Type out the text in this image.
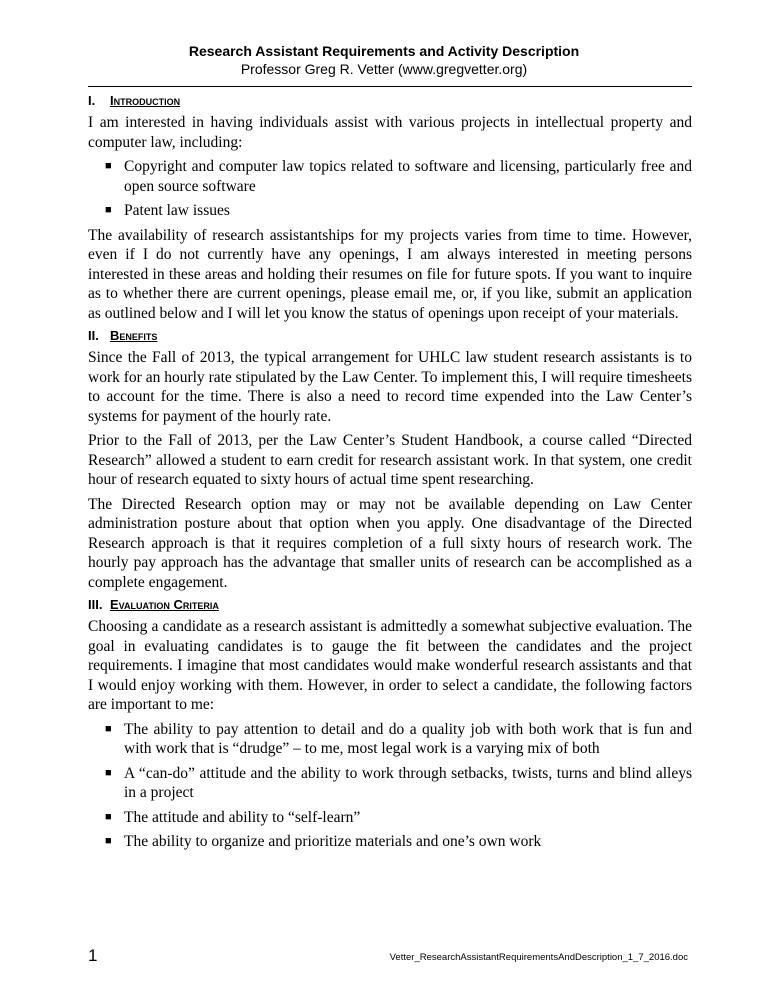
Research Assistant Requirements and Activity Description
Professor Greg R. Vetter (www.gregvetter.org)
I. Introduction

I am interested in having individuals assist with various projects in intellectual property and computer law, including:

■ Copyright and computer law topics related to software and licensing, particularly free and open source software
■ Patent law issues

The availability of research assistantships for my projects varies from time to time. However, even if I do not currently have any openings, I am always interested in meeting persons interested in these areas and holding their resumes on file for future spots. If you want to inquire as to whether there are current openings, please email me, or, if you like, submit an application as outlined below and I will let you know the status of openings upon receipt of your materials.

II. Benefits

Since the Fall of 2013, the typical arrangement for UHLC law student research assistants is to work for an hourly rate stipulated by the Law Center. To implement this, I will require timesheets to account for the time. There is also a need to record time expended into the Law Center’s systems for payment of the hourly rate.

Prior to the Fall of 2013, per the Law Center’s Student Handbook, a course called “Directed Research” allowed a student to earn credit for research assistant work. In that system, one credit hour of research equated to sixty hours of actual time spent researching.

The Directed Research option may or may not be available depending on Law Center administration posture about that option when you apply. One disadvantage of the Directed Research approach is that it requires completion of a full sixty hours of research work. The hourly pay approach has the advantage that smaller units of research can be accomplished as a complete engagement.

III. Evaluation Criteria

Choosing a candidate as a research assistant is admittedly a somewhat subjective evaluation. The goal in evaluating candidates is to gauge the fit between the candidates and the project requirements. I imagine that most candidates would make wonderful research assistants and that I would enjoy working with them. However, in order to select a candidate, the following factors are important to me:

■ The ability to pay attention to detail and do a quality job with both work that is fun and with work that is “drudge” – to me, most legal work is a varying mix of both
■ A “can-do” attitude and the ability to work through setbacks, twists, turns and blind alleys in a project
■ The attitude and ability to “self-learn”
■ The ability to organize and prioritize materials and one’s own work
1	Vetter_ResearchAssistantRequirementsAndDescription_1_7_2016.doc
